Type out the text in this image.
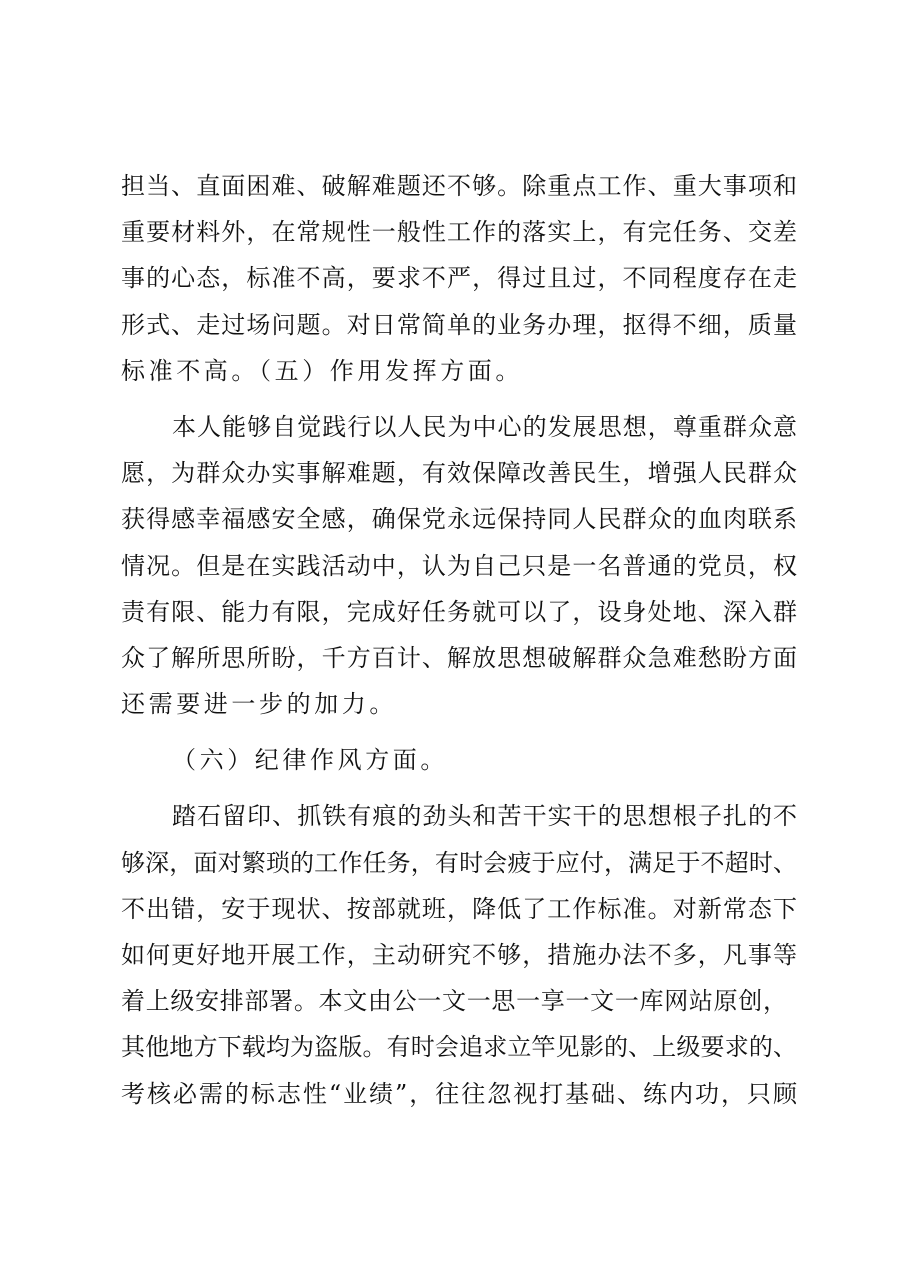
担当、直面困难、破解难题还不够。除重点工作、重大事项和
重要材料外，在常规性一般性工作的落实上，有完任务、交差
事的心态，标准不高，要求不严，得过且过，不同程度存在走
形式、走过场问题。对日常简单的业务办理，抠得不细，质量
标准不高。（五）作用发挥方面。
本人能够自觉践行以人民为中心的发展思想，尊重群众意
愿，为群众办实事解难题，有效保障改善民生，增强人民群众
获得感幸福感安全感，确保党永远保持同人民群众的血肉联系
情况。但是在实践活动中，认为自己只是一名普通的党员，权
责有限、能力有限，完成好任务就可以了，设身处地、深入群
众了解所思所盼，千方百计、解放思想破解群众急难愁盼方面
还需要进一步的加力。
（六）纪律作风方面。
踏石留印、抓铁有痕的劲头和苦干实干的思想根子扎的不
够深，面对繁琐的工作任务，有时会疲于应付，满足于不超时、
不出错，安于现状、按部就班，降低了工作标准。对新常态下
如何更好地开展工作，主动研究不够，措施办法不多，凡事等
着上级安排部署。本文由公一文一思一享一文一库网站原创，
其他地方下载均为盗版。有时会追求立竿见影的、上级要求的、
考核必需的标志性“业绩”，往往忽视打基础、练内功，只顾
